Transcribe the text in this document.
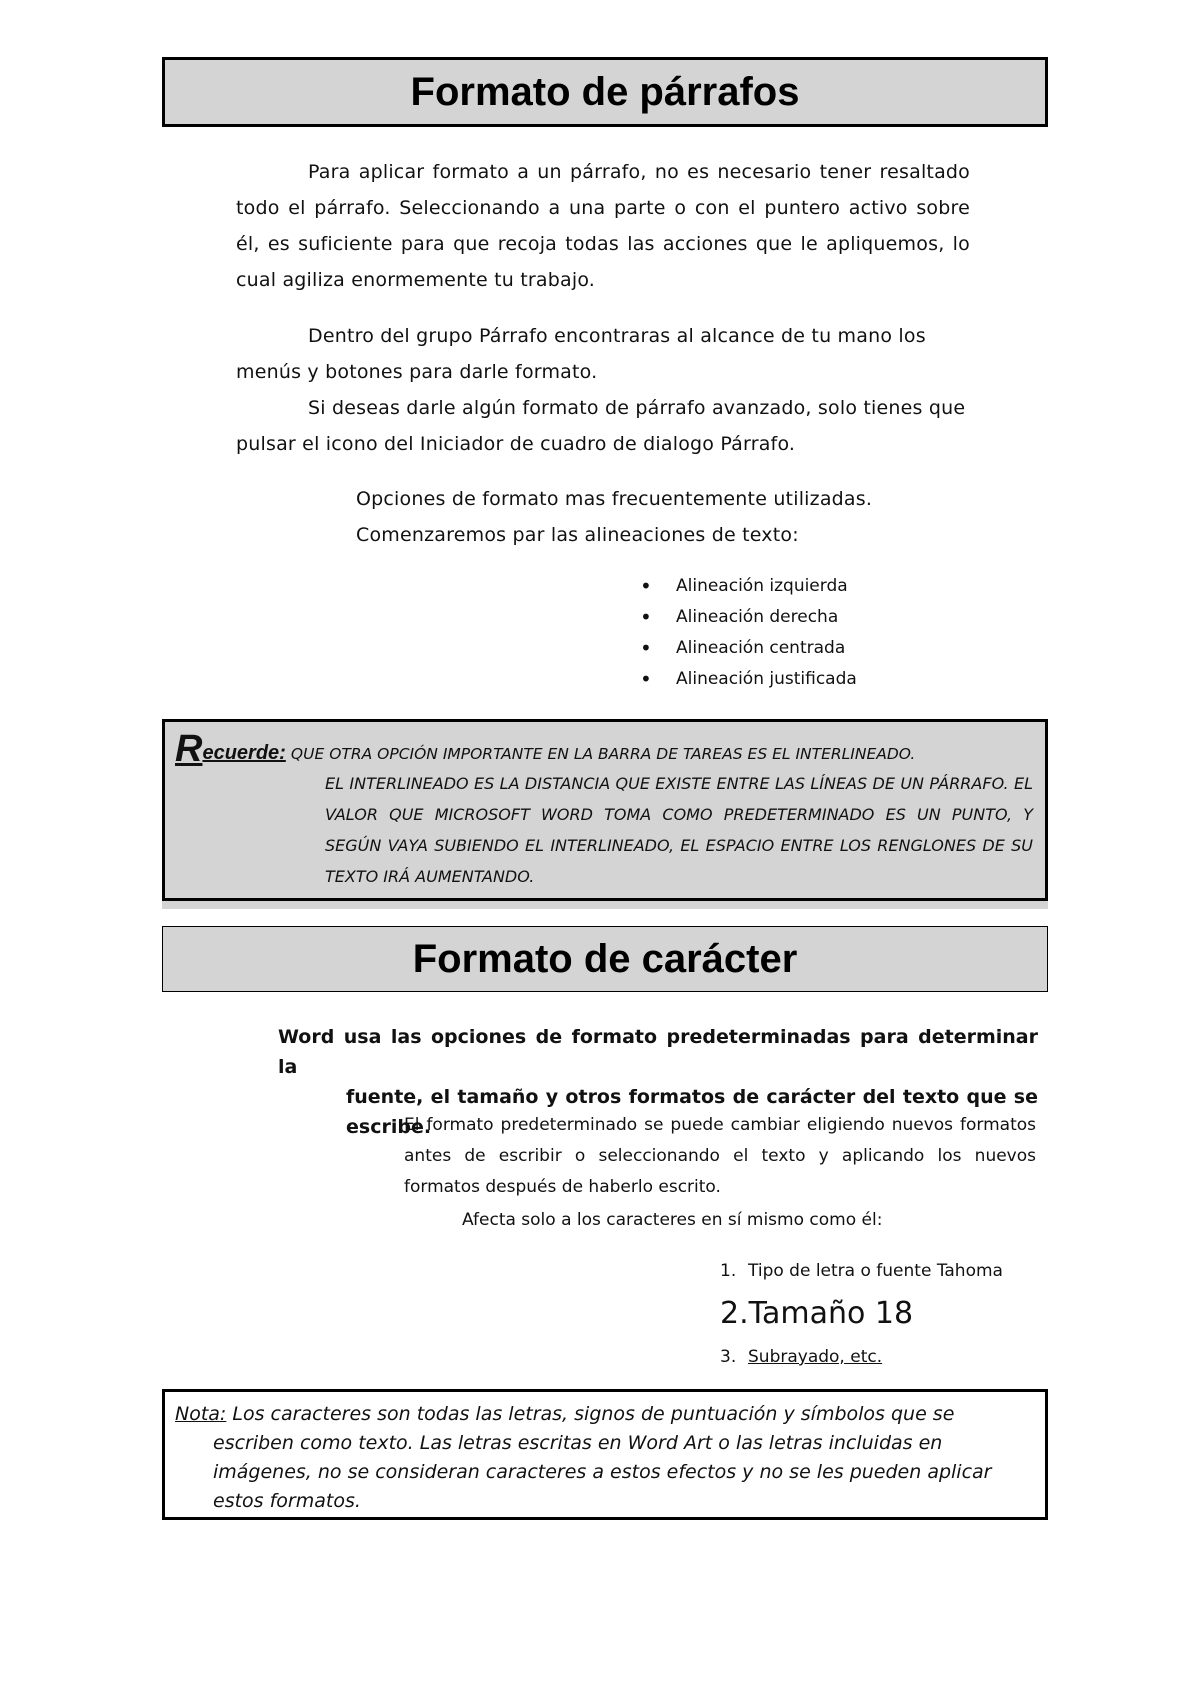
Formato de párrafos
Para aplicar formato a un párrafo, no es necesario tener resaltado todo el párrafo. Seleccionando a una parte o con el puntero activo sobre él, es suficiente para que recoja todas las acciones que le apliquemos, lo cual agiliza enormemente tu trabajo.
Dentro del grupo Párrafo encontraras al alcance de tu mano los menús y botones para darle formato.
Si deseas darle algún formato de párrafo avanzado, solo tienes que pulsar el icono del Iniciador de cuadro de dialogo Párrafo.
Opciones de formato mas frecuentemente utilizadas.
Comenzaremos par las alineaciones de texto:
• Alineación izquierda
• Alineación derecha
• Alineación centrada
• Alineación justificada
Recuerde: QUE OTRA OPCIÓN IMPORTANTE EN LA BARRA DE TAREAS ES EL INTERLINEADO.
EL INTERLINEADO ES LA DISTANCIA QUE EXISTE ENTRE LAS LÍNEAS DE UN PÁRRAFO. EL VALOR QUE MICROSOFT WORD TOMA COMO PREDETERMINADO ES UN PUNTO, Y SEGÚN VAYA SUBIENDO EL INTERLINEADO, EL ESPACIO ENTRE LOS RENGLONES DE SU TEXTO IRÁ AUMENTANDO.
Formato de carácter
Word usa las opciones de formato predeterminadas para determinar la
fuente, el tamaño y otros formatos de carácter del texto que se escribe.
El formato predeterminado se puede cambiar eligiendo nuevos formatos antes de escribir o seleccionando el texto y aplicando los nuevos formatos después de haberlo escrito.
Afecta solo a los caracteres en sí mismo como él:
1. Tipo de letra o fuente Tahoma
2.Tamaño 18
3. Subrayado, etc.
Nota: Los caracteres son todas las letras, signos de puntuación y símbolos que se escriben como texto. Las letras escritas en Word Art o las letras incluidas en imágenes, no se consideran caracteres a estos efectos y no se les pueden aplicar estos formatos.
